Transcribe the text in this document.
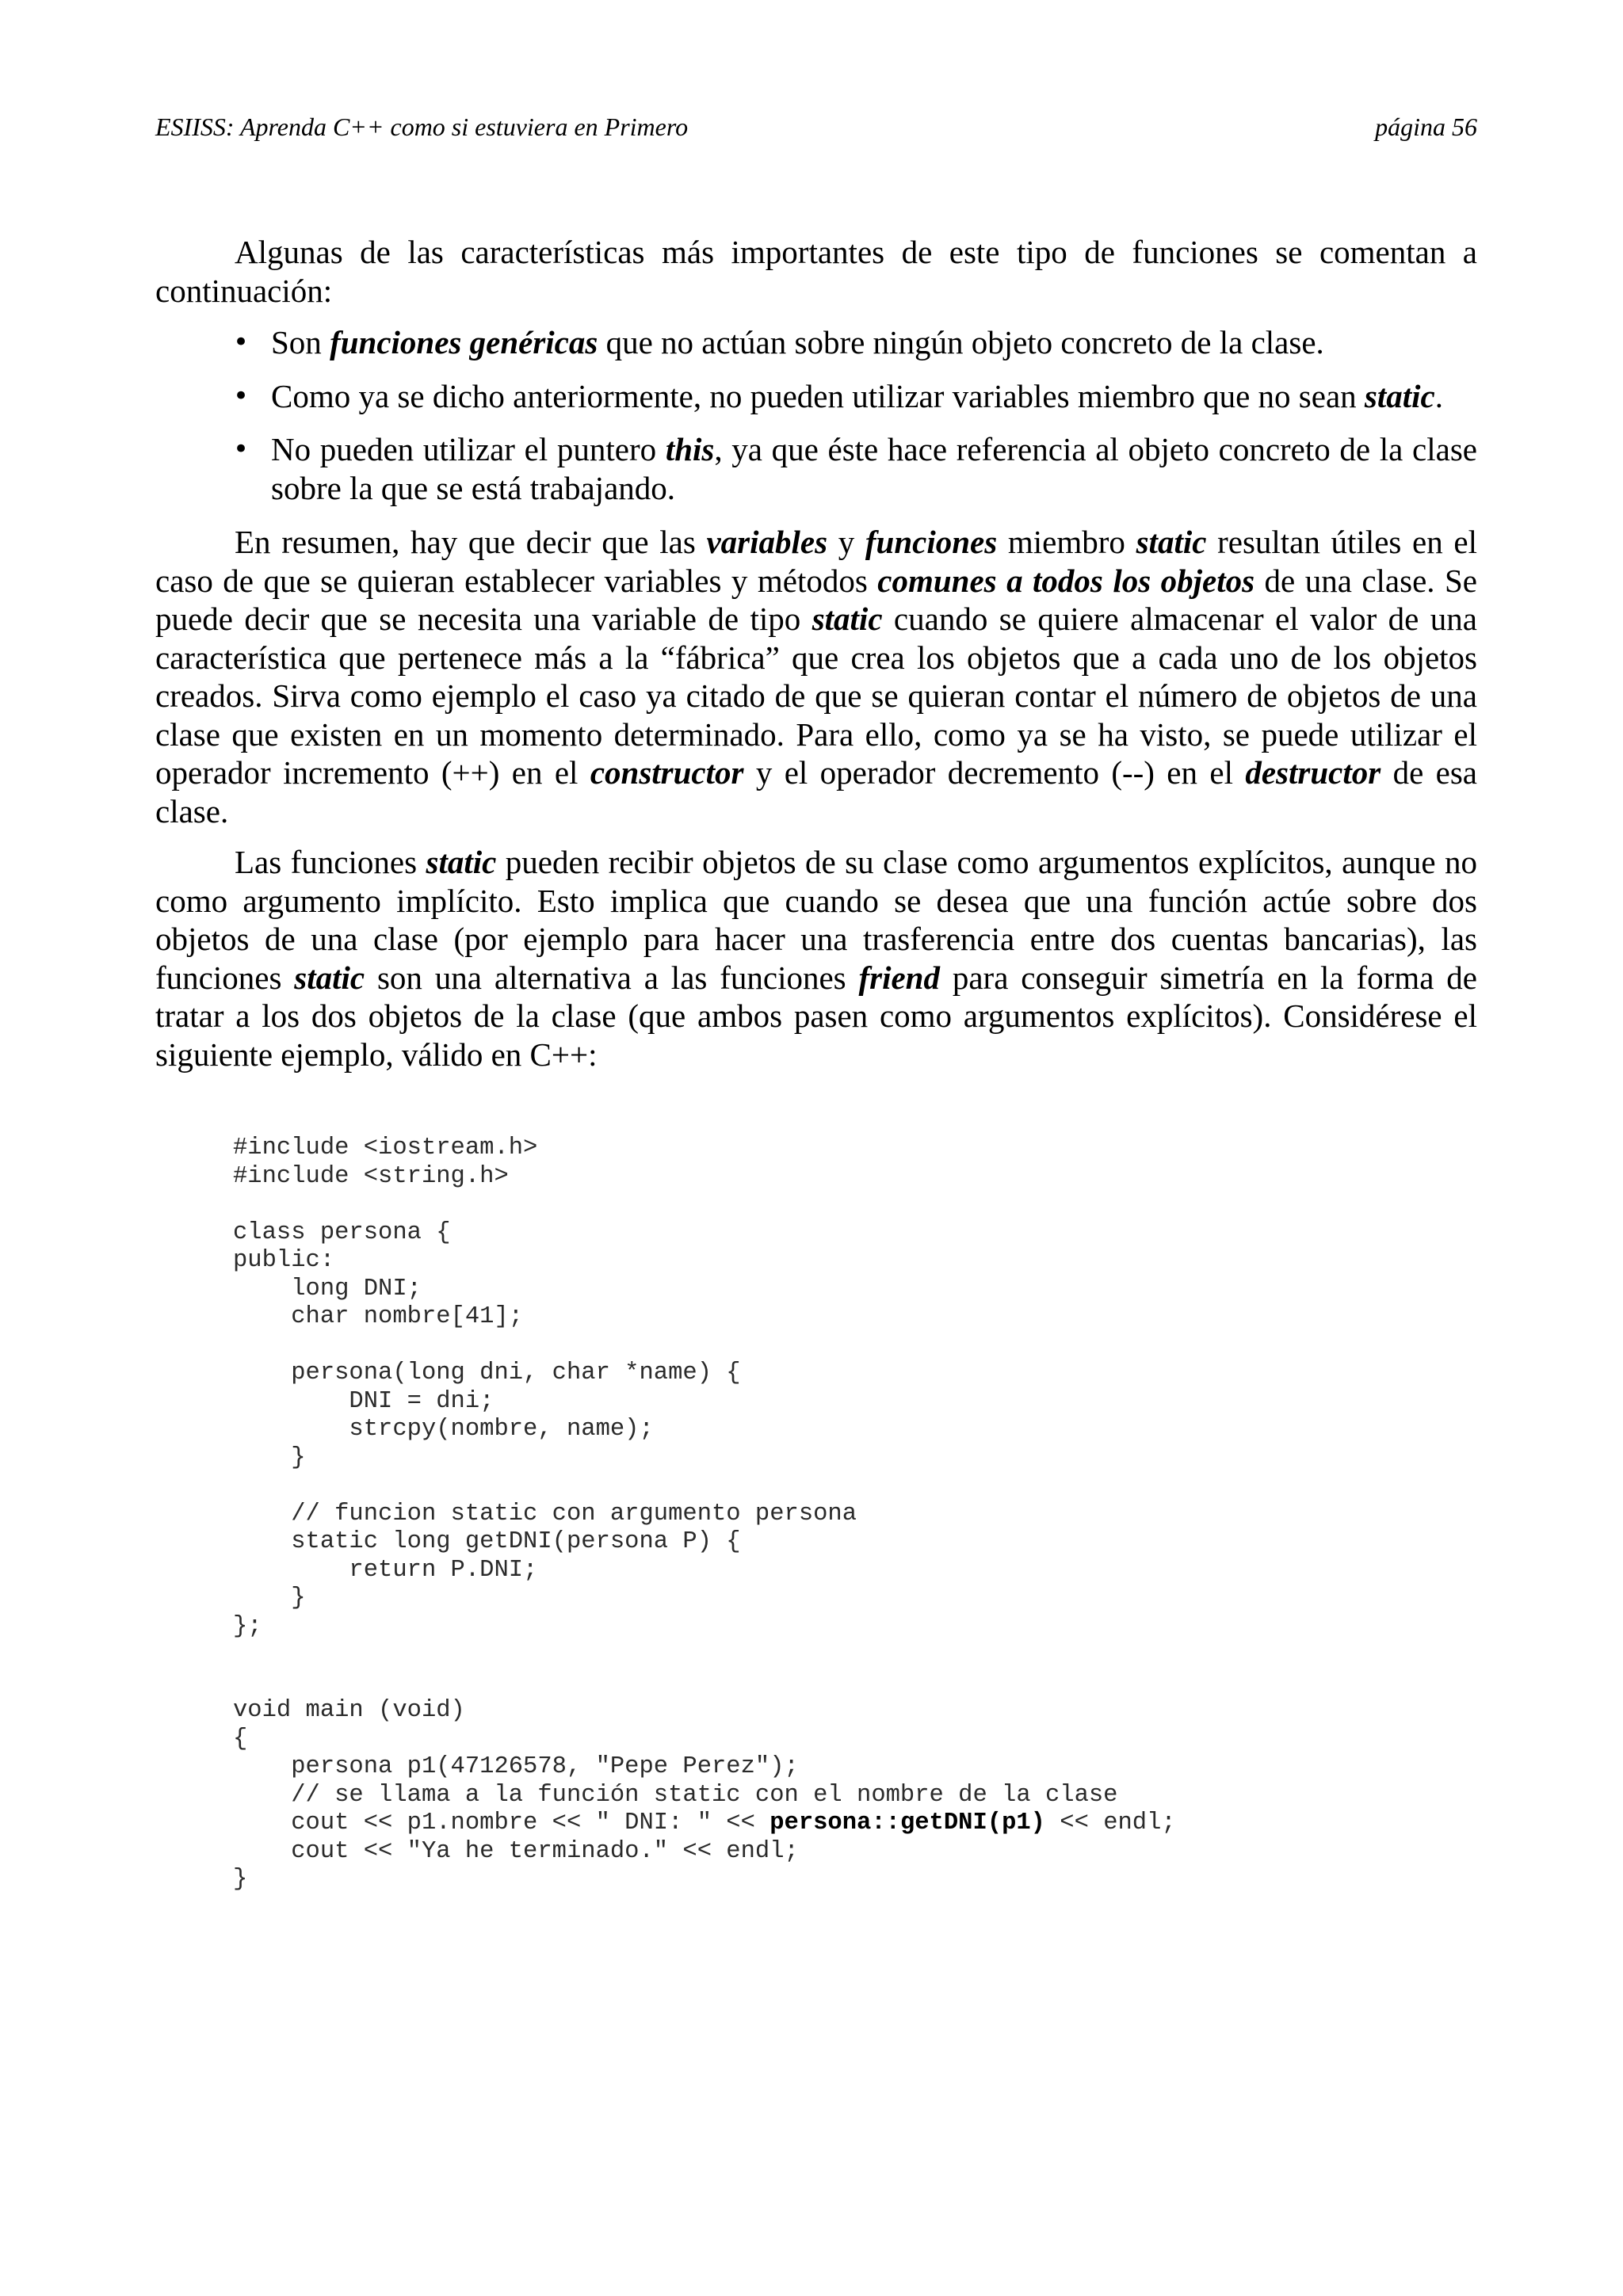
ESIISS: Aprenda C++ como si estuviera en Primero	página 56

Algunas de las características más importantes de este tipo de funciones se comentan a continuación:

• Son funciones genéricas que no actúan sobre ningún objeto concreto de la clase.
• Como ya se dicho anteriormente, no pueden utilizar variables miembro que no sean static.
• No pueden utilizar el puntero this, ya que éste hace referencia al objeto concreto de la clase sobre la que se está trabajando.

En resumen, hay que decir que las variables y funciones miembro static resultan útiles en el caso de que se quieran establecer variables y métodos comunes a todos los objetos de una clase. Se puede decir que se necesita una variable de tipo static cuando se quiere almacenar el valor de una característica que pertenece más a la “fábrica” que crea los objetos que a cada uno de los objetos creados. Sirva como ejemplo el caso ya citado de que se quieran contar el número de objetos de una clase que existen en un momento determinado. Para ello, como ya se ha visto, se puede utilizar el operador incremento (++) en el constructor y el operador decremento (--) en el destructor de esa clase.

Las funciones static pueden recibir objetos de su clase como argumentos explícitos, aunque no como argumento implícito. Esto implica que cuando se desea que una función actúe sobre dos objetos de una clase (por ejemplo para hacer una trasferencia entre dos cuentas bancarias), las funciones static son una alternativa a las funciones friend para conseguir simetría en la forma de tratar a los dos objetos de la clase (que ambos pasen como argumentos explícitos). Considérese el siguiente ejemplo, válido en C++:

#include <iostream.h>
#include <string.h>

class persona {
public:
long DNI;
char nombre[41];

persona(long dni, char *name) {
DNI = dni;
strcpy(nombre, name);
}

// funcion static con argumento persona
static long getDNI(persona P) {
return P.DNI;
}
};

void main (void)
{
persona p1(47126578, "Pepe Perez");
// se llama a la función static con el nombre de la clase
cout << p1.nombre << " DNI: " << persona::getDNI(p1) << endl;
cout << "Ya he terminado." << endl;
}
